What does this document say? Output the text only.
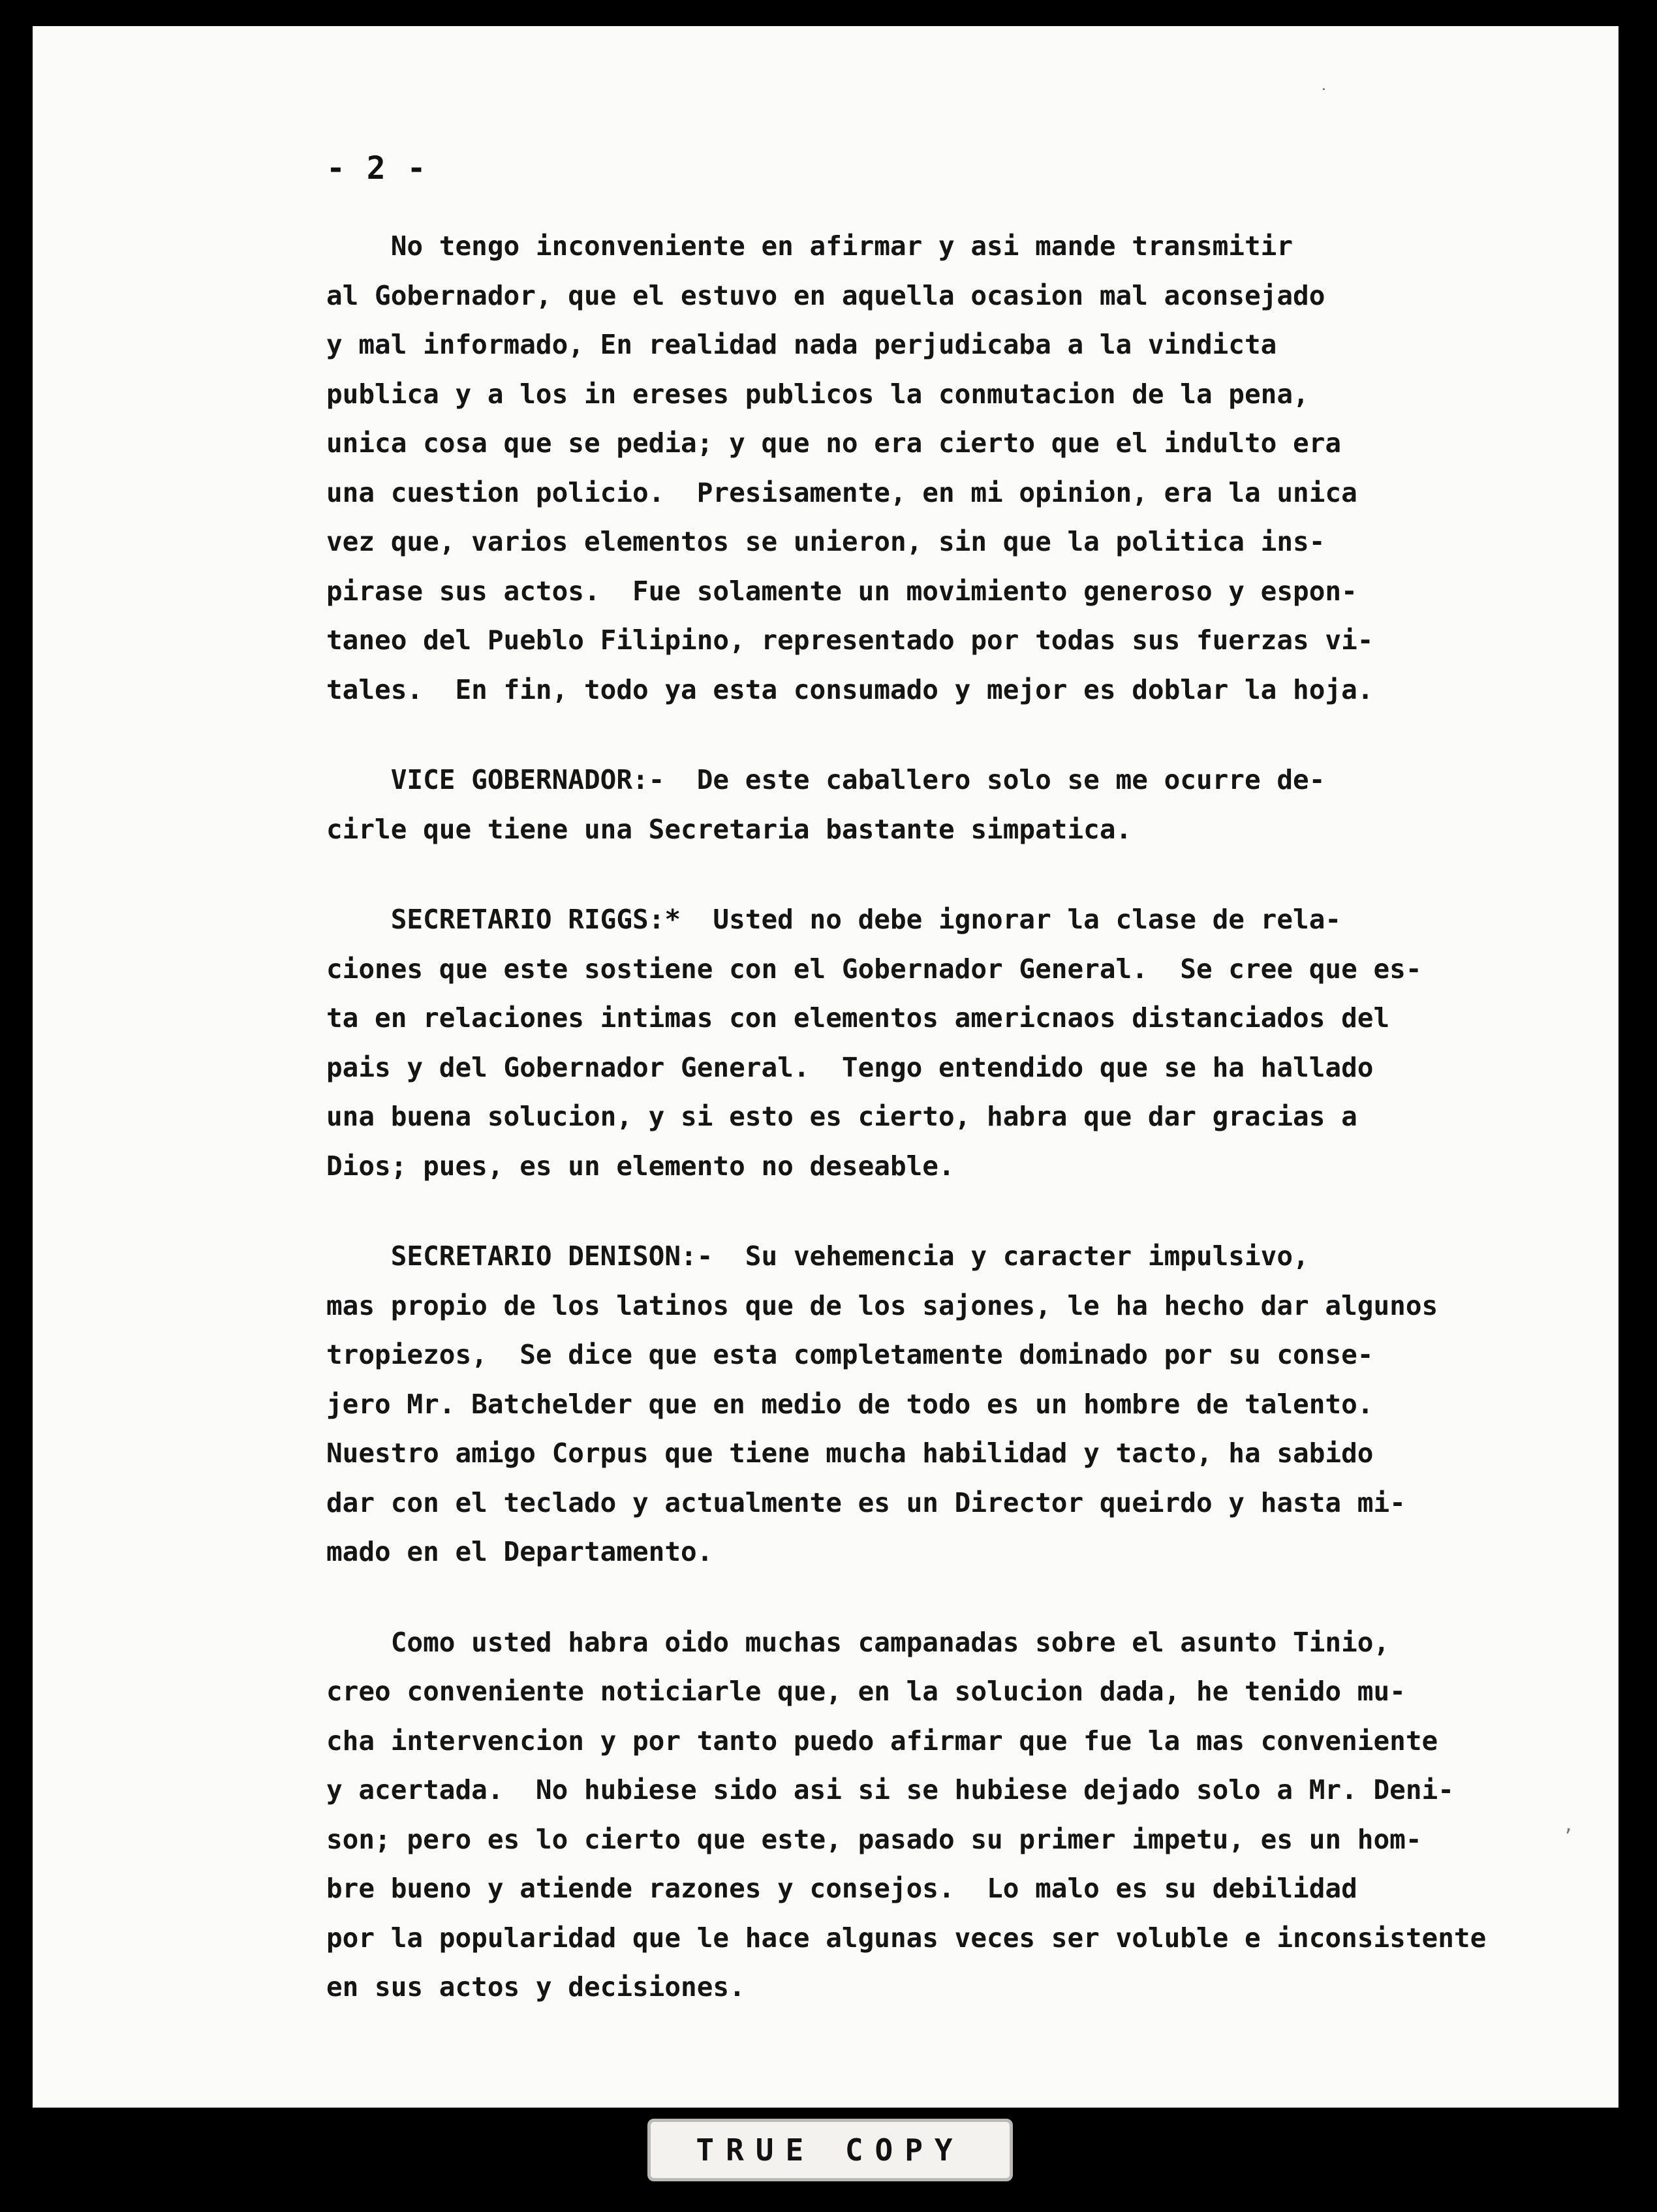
- 2 -
No tengo inconveniente en afirmar y asi mande transmitir
al Gobernador, que el estuvo en aquella ocasion mal aconsejado
y mal informado, En realidad nada perjudicaba a la vindicta
publica y a los in ereses publicos la conmutacion de la pena,
unica cosa que se pedia; y que no era cierto que el indulto era
una cuestion policio.  Presisamente, en mi opinion, era la unica
vez que, varios elementos se unieron, sin que la politica ins-
pirase sus actos.  Fue solamente un movimiento generoso y espon-
taneo del Pueblo Filipino, representado por todas sus fuerzas vi-
tales.  En fin, todo ya esta consumado y mejor es doblar la hoja.
VICE GOBERNADOR:-  De este caballero solo se me ocurre de-
cirle que tiene una Secretaria bastante simpatica.
SECRETARIO RIGGS:*  Usted no debe ignorar la clase de rela-
ciones que este sostiene con el Gobernador General.  Se cree que es-
ta en relaciones intimas con elementos americnaos distanciados del
pais y del Gobernador General.  Tengo entendido que se ha hallado
una buena solucion, y si esto es cierto, habra que dar gracias a
Dios; pues, es un elemento no deseable.
SECRETARIO DENISON:-  Su vehemencia y caracter impulsivo,
mas propio de los latinos que de los sajones, le ha hecho dar algunos
tropiezos,  Se dice que esta completamente dominado por su conse-
jero Mr. Batchelder que en medio de todo es un hombre de talento.
Nuestro amigo Corpus que tiene mucha habilidad y tacto, ha sabido
dar con el teclado y actualmente es un Director queirdo y hasta mi-
mado en el Departamento.
Como usted habra oido muchas campanadas sobre el asunto Tinio,
creo conveniente noticiarle que, en la solucion dada, he tenido mu-
cha intervencion y por tanto puedo afirmar que fue la mas conveniente
y acertada.  No hubiese sido asi si se hubiese dejado solo a Mr. Deni-
son; pero es lo cierto que este, pasado su primer impetu, es un hom-
bre bueno y atiende razones y consejos.  Lo malo es su debilidad
por la popularidad que le hace algunas veces ser voluble e inconsistente
en sus actos y decisiones.
˙
‚
TRUE COPY
